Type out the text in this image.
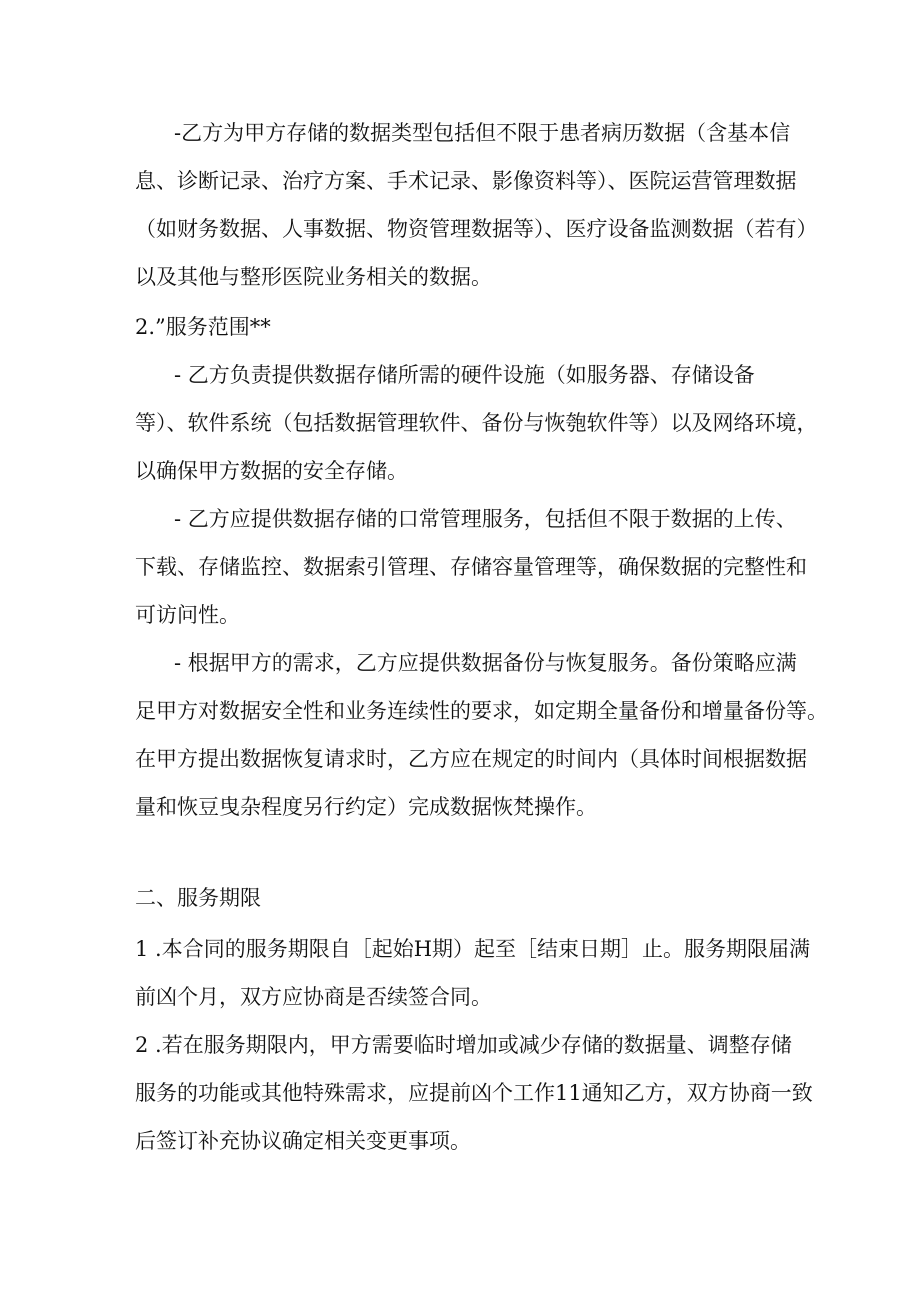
-乙方为甲方存储的数据类型包括但不限于患者病历数据（含基本信
息、诊断记录、治疗方案、手术记录、影像资料等）、医院运营管理数据
（如财务数据、人事数据、物资管理数据等）、医疗设备监测数据（若有）
以及其他与整形医院业务相关的数据。
2.”服务范围**
- 乙方负责提供数据存储所需的硬件设施（如服务器、存储设备
等）、软件系统（包括数据管理软件、备份与恢匏软件等）以及网络环境，
以确保甲方数据的安全存储。
- 乙方应提供数据存储的口常管理服务，包括但不限于数据的上传、
下载、存储监控、数据索引管理、存储容量管理等，确保数据的完整性和
可访问性。
- 根据甲方的需求，乙方应提供数据备份与恢复服务。备份策略应满
足甲方对数据安全性和业务连续性的要求，如定期全量备份和增量备份等。
在甲方提出数据恢复请求时，乙方应在规定的时间内（具体时间根据数据
量和恢豆曳杂程度另行约定）完成数据恢梵操作。
二、服务期限
1 .本合同的服务期限自［起始H期）起至［结束日期］止。服务期限届满
前凶个月，双方应协商是否续签合同。
2 .若在服务期限内，甲方需要临时增加或减少存储的数据量、调整存储
服务的功能或其他特殊需求，应提前凶个工作11通知乙方，双方协商一致
后签订补充协议确定相关变更事项。
